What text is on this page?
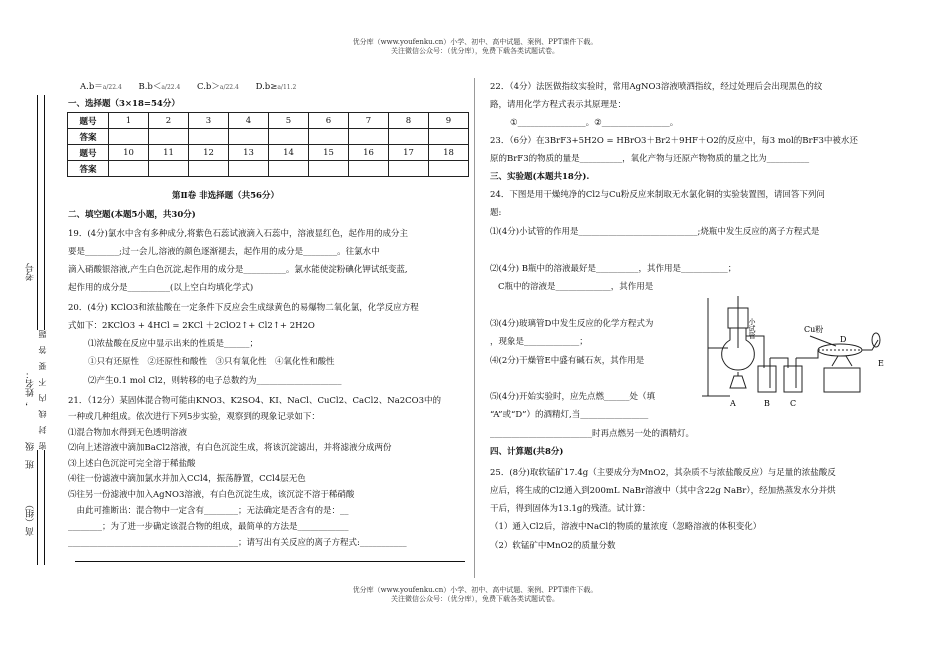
优分库（www.youfenku.cn）小学、初中、高中试题、案例、PPT课件下载。
关注微信公众号：（优分库），免费下载各类试题试卷。
优分库（www.youfenku.cn）小学、初中、高中试题、案例、PPT课件下载。
关注微信公众号：（优分库），免费下载各类试题试卷。
考号
班　级　　　　，姓名：
高（组）
密　封　线　内　不　要　答　题
A.b＝a/22.4 B.b＜a/22.4 C.b＞a/22.4 D.b≥a/11.2
一、选择题（3×18=54分）
题号	1	2	3	4	5	6	7	8	9
答案									
题号	10	11	12	13	14	15	16	17	18
答案									
第Ⅱ卷 非选择题（共56分）
二、填空题(本题5小题，共30分)
19．(4分)氯水中含有多种成分,将紫色石蕊试液滴入石蕊中，溶液显红色，起作用的成分主
要是________;过一会儿,溶液的颜色逐渐褪去，起作用的成分是________。往氯水中
滴入硝酸银溶液,产生白色沉淀,起作用的成分是__________。氯水能使淀粉碘化钾试纸变蓝,
起作用的成分是__________(以上空白均填化学式)
20．(4分) KClO3和浓盐酸在一定条件下反应会生成绿黄色的易爆物二氧化氯，化学反应方程
式如下：2KClO3 + 4HCl = 2KCl ＋2ClO2↑+ Cl2↑+ 2H2O
⑴浓盐酸在反应中显示出来的性质是______；
①只有还原性　②还原性和酸性　③只有氧化性　④氧化性和酸性
⑵产生0.1 mol Cl2，则转移的电子总数约为____________________
21．（12分）某固体混合物可能由KNO3、K2SO4、KI、NaCl、CuCl2、CaCl2、Na2CO3中的
一种或几种组成。依次进行下列5步实验，观察到的现象记录如下：
⑴混合物加水得到无色透明溶液
⑵向上述溶液中滴加BaCl2溶液，有白色沉淀生成，将该沉淀滤出，并将滤液分成两份
⑶上述白色沉淀可完全溶于稀盐酸
⑷往一份滤液中滴加氯水并加入CCl4，振荡静置，CCl4层无色
⑸往另一份滤液中加入AgNO3溶液，有白色沉淀生成，该沉淀不溶于稀硝酸
　由此可推断出：混合物中一定含有________；无法确定是否含有的是：__
________；为了进一步确定该混合物的组成，最简单的方法是____________
________________________________________；请写出有关反应的离子方程式:___________
22．（4分）法医做指纹实验时，常用AgNO3溶液喷洒指纹，经过处理后会出现黑色的纹
路，请用化学方程式表示其原理是：
①________________。②________________。
23．（6分）在3BrF3+5H2O = HBrO3＋Br2＋9HF＋O2的反应中，每3 mol的BrF3中被水还
原的BrF3的物质的量是__________，氧化产物与还原产物物质的量之比为__________
三、实验题(本题共18分).
24．下图是用干燥纯净的Cl2与Cu粉反应来制取无水氯化铜的实验装置图，请回答下列问
题:
⑴(4分)小试管的作用是____________________________;烧瓶中发生反应的离子方程式是
⑵(4分) B瓶中的溶液最好是__________，其作用是___________；
C瓶中的溶液是_____________，其作用是
⑶(4分)玻璃管D中发生反应的化学方程式为
，现象是_____________；
⑷(2分)干燥管E中盛有碱石灰，其作用是
⑸(4分)开始实验时，应先点燃______处（填
“A”或“D”）的酒精灯,当________________
________________________时再点燃另一处的酒精灯。
四、计算题(共8分)
25．(8分)取软锰矿17.4g（主要成分为MnO2，其杂质不与浓盐酸反应）与足量的浓盐酸反
应后，将生成的Cl2通入到200mL NaBr溶液中（其中含22g NaBr），经加热蒸发水分并烘
干后，得到固体为13.1g的残渣。试计算：
（1）通入Cl2后，溶液中NaCl的物质的量浓度（忽略溶液的体积变化）
（2）软锰矿中MnO2的质量分数
A	B	C
D
E
Cu粉
小试管
